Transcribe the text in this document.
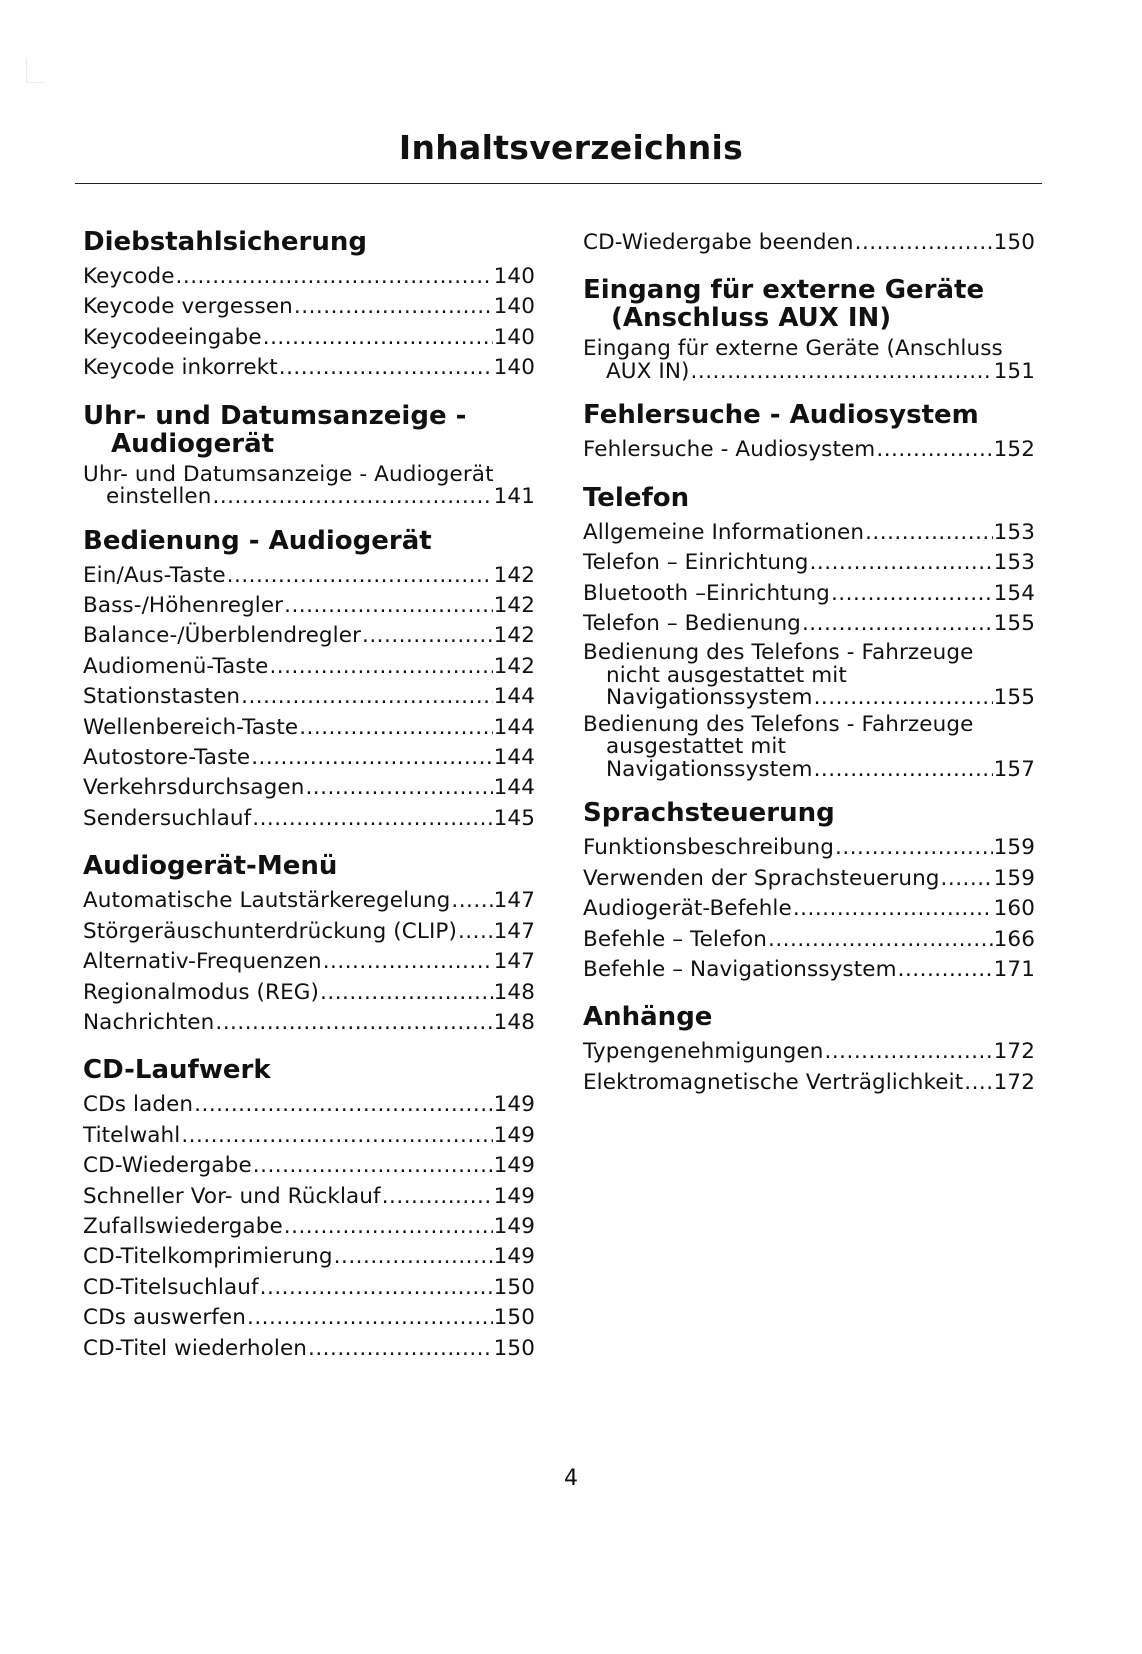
Inhaltsverzeichnis
Diebstahlsicherung
Keycode .....	140
Keycode vergessen .....	140
Keycodeeingabe .....	140
Keycode inkorrekt .....	140
Uhr- und Datumsanzeige - Audiogerät
Uhr- und Datumsanzeige - Audiogerät
einstellen .....	141
Bedienung - Audiogerät
Ein/Aus-Taste .....	142
Bass-/Höhenregler .....	142
Balance-/Überblendregler .....	142
Audiomenü-Taste .....	142
Stationstasten .....	144
Wellenbereich-Taste .....	144
Autostore-Taste .....	144
Verkehrsdurchsagen .....	144
Sendersuchlauf .....	145
Audiogerät-Menü
Automatische Lautstärkeregelung ..... 147
Störgeräuschunterdrückung (CLIP) ..... 147
Alternativ-Frequenzen .....	147
Regionalmodus (REG) .....	148
Nachrichten .....	148
CD-Laufwerk
CDs laden .....	149
Titelwahl .....	149
CD-Wiedergabe .....	149
Schneller Vor- und Rücklauf .....	149
Zufallswiedergabe .....	149
CD-Titelkomprimierung .....	149
CD-Titelsuchlauf .....	150
CDs auswerfen .....	150
CD-Titel wiederholen .....	150
CD-Wiedergabe beenden .....	150
Eingang für externe Geräte (Anschluss AUX IN)
Eingang für externe Geräte (Anschluss
AUX IN) .....	151
Fehlersuche - Audiosystem
Fehlersuche - Audiosystem .....	152
Telefon
Allgemeine Informationen .....	153
Telefon – Einrichtung .....	153
Bluetooth –Einrichtung .....	154
Telefon – Bedienung .....	155
Bedienung des Telefons - Fahrzeuge
nicht ausgestattet mit
Navigationssystem .....	155
Bedienung des Telefons - Fahrzeuge
ausgestattet mit
Navigationssystem .....	157
Sprachsteuerung
Funktionsbeschreibung .....	159
Verwenden der Sprachsteuerung .....	159
Audiogerät-Befehle .....	160
Befehle – Telefon .....	166
Befehle – Navigationssystem .....	171
Anhänge
Typengenehmigungen .....	172
Elektromagnetische Verträglichkeit ..... 172
4
